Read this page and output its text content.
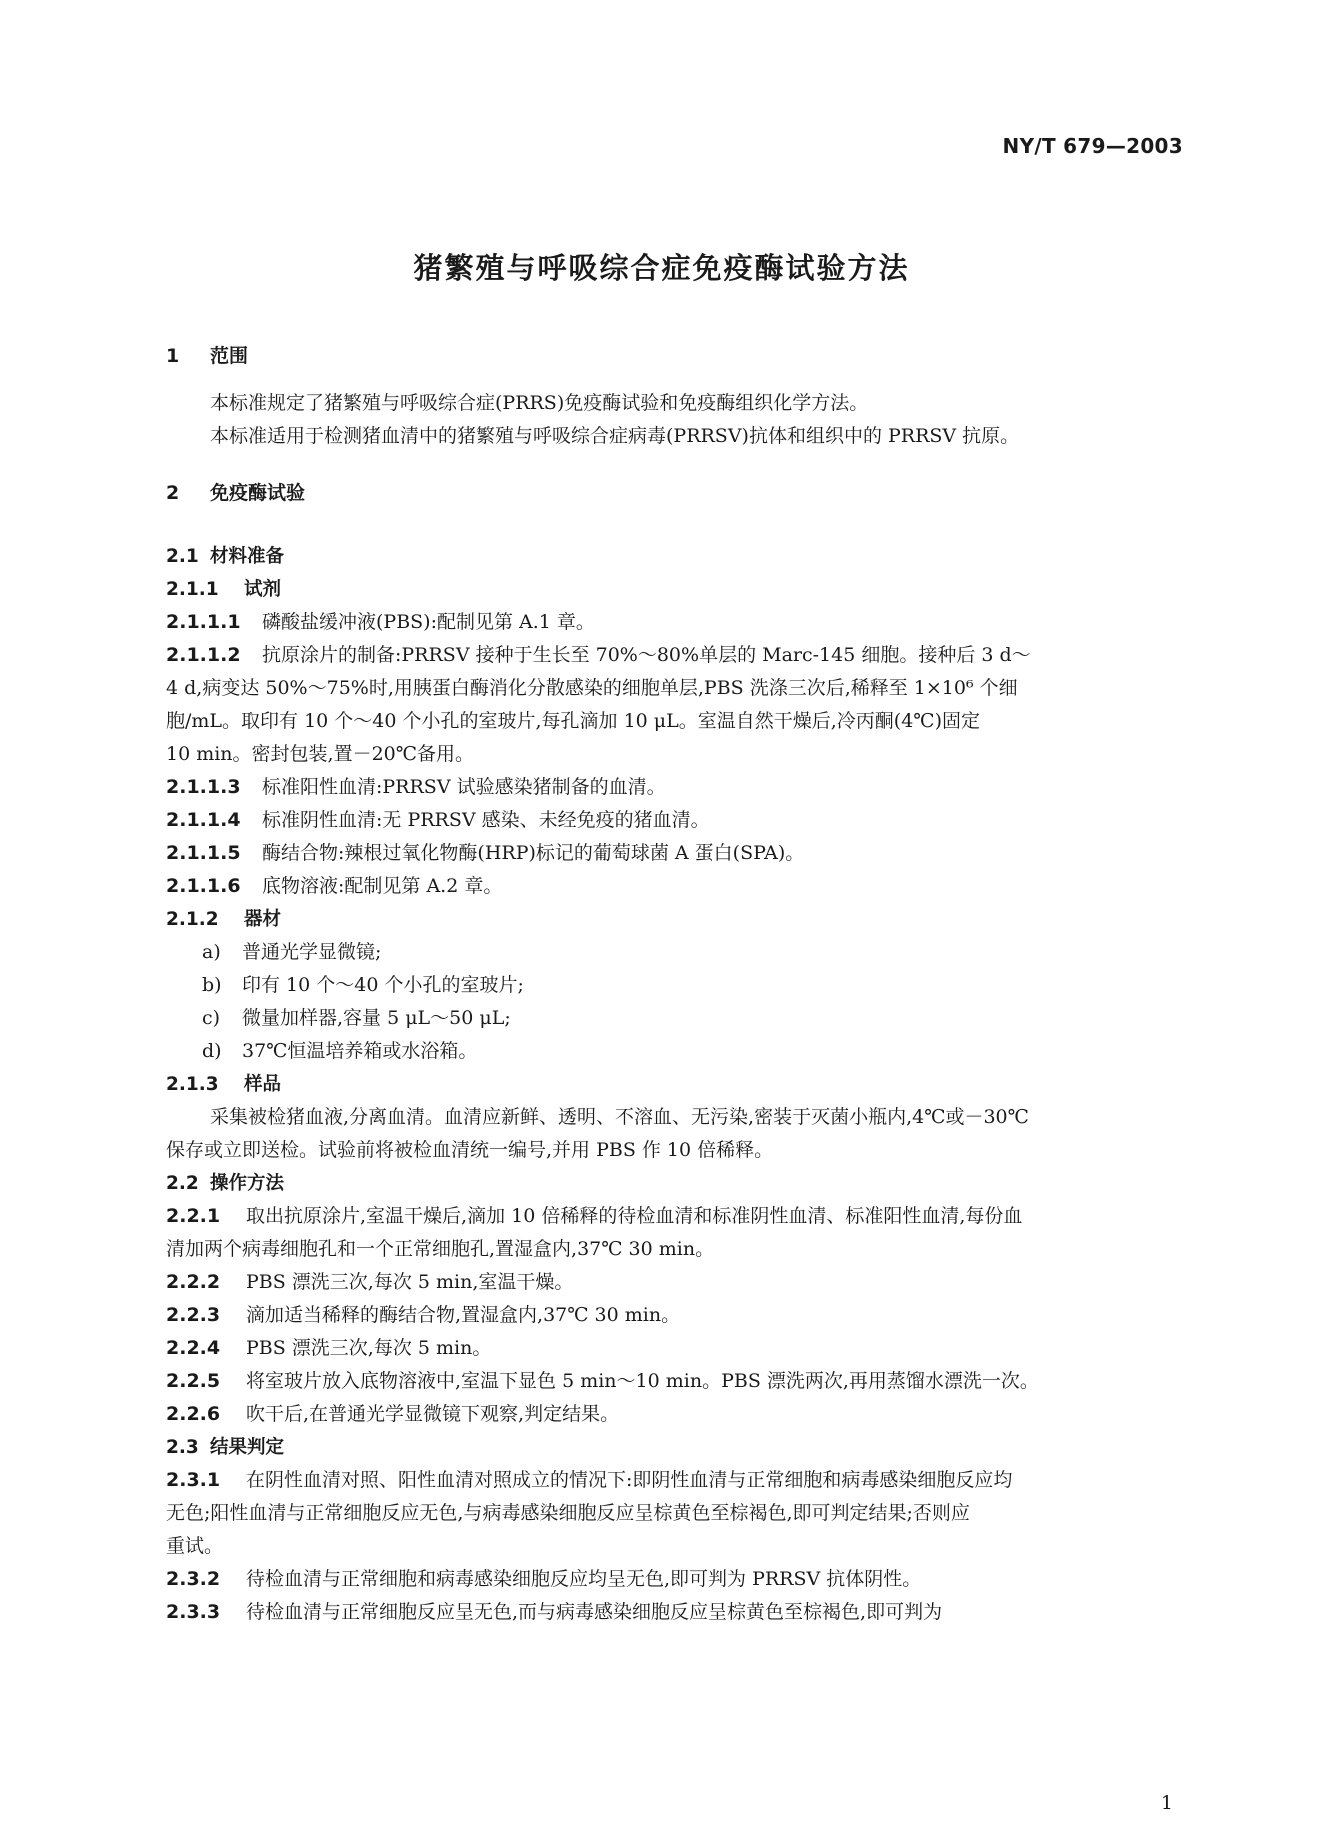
NY/T 679—2003
猪繁殖与呼吸综合症免疫酶试验方法
1 范围
本标准规定了猪繁殖与呼吸综合症(PRRS)免疫酶试验和免疫酶组织化学方法。
本标准适用于检测猪血清中的猪繁殖与呼吸综合症病毒(PRRSV)抗体和组织中的 PRRSV 抗原。
2 免疫酶试验
2.1 材料准备
2.1.1 试剂
2.1.1.1 磷酸盐缓冲液(PBS):配制见第 A.1 章。
2.1.1.2 抗原涂片的制备:PRRSV 接种于生长至 70%～80%单层的 Marc-145 细胞。接种后 3 d～
4 d,病变达 50%～75%时,用胰蛋白酶消化分散感染的细胞单层,PBS 洗涤三次后,稀释至 1×10⁶ 个细
胞/mL。取印有 10 个～40 个小孔的室玻片,每孔滴加 10 μL。室温自然干燥后,冷丙酮(4℃)固定
10 min。密封包装,置－20℃备用。
2.1.1.3 标准阳性血清:PRRSV 试验感染猪制备的血清。
2.1.1.4 标准阴性血清:无 PRRSV 感染、未经免疫的猪血清。
2.1.1.5 酶结合物:辣根过氧化物酶(HRP)标记的葡萄球菌 A 蛋白(SPA)。
2.1.1.6 底物溶液:配制见第 A.2 章。
2.1.2 器材
a) 普通光学显微镜;
b) 印有 10 个～40 个小孔的室玻片;
c) 微量加样器,容量 5 μL～50 μL;
d) 37℃恒温培养箱或水浴箱。
2.1.3 样品
采集被检猪血液,分离血清。血清应新鲜、透明、不溶血、无污染,密装于灭菌小瓶内,4℃或－30℃
保存或立即送检。试验前将被检血清统一编号,并用 PBS 作 10 倍稀释。
2.2 操作方法
2.2.1 取出抗原涂片,室温干燥后,滴加 10 倍稀释的待检血清和标准阴性血清、标准阳性血清,每份血
清加两个病毒细胞孔和一个正常细胞孔,置湿盒内,37℃ 30 min。
2.2.2 PBS 漂洗三次,每次 5 min,室温干燥。
2.2.3 滴加适当稀释的酶结合物,置湿盒内,37℃ 30 min。
2.2.4 PBS 漂洗三次,每次 5 min。
2.2.5 将室玻片放入底物溶液中,室温下显色 5 min～10 min。PBS 漂洗两次,再用蒸馏水漂洗一次。
2.2.6 吹干后,在普通光学显微镜下观察,判定结果。
2.3 结果判定
2.3.1 在阴性血清对照、阳性血清对照成立的情况下:即阴性血清与正常细胞和病毒感染细胞反应均
无色;阳性血清与正常细胞反应无色,与病毒感染细胞反应呈棕黄色至棕褐色,即可判定结果;否则应
重试。
2.3.2 待检血清与正常细胞和病毒感染细胞反应均呈无色,即可判为 PRRSV 抗体阴性。
2.3.3 待检血清与正常细胞反应呈无色,而与病毒感染细胞反应呈棕黄色至棕褐色,即可判为
1
